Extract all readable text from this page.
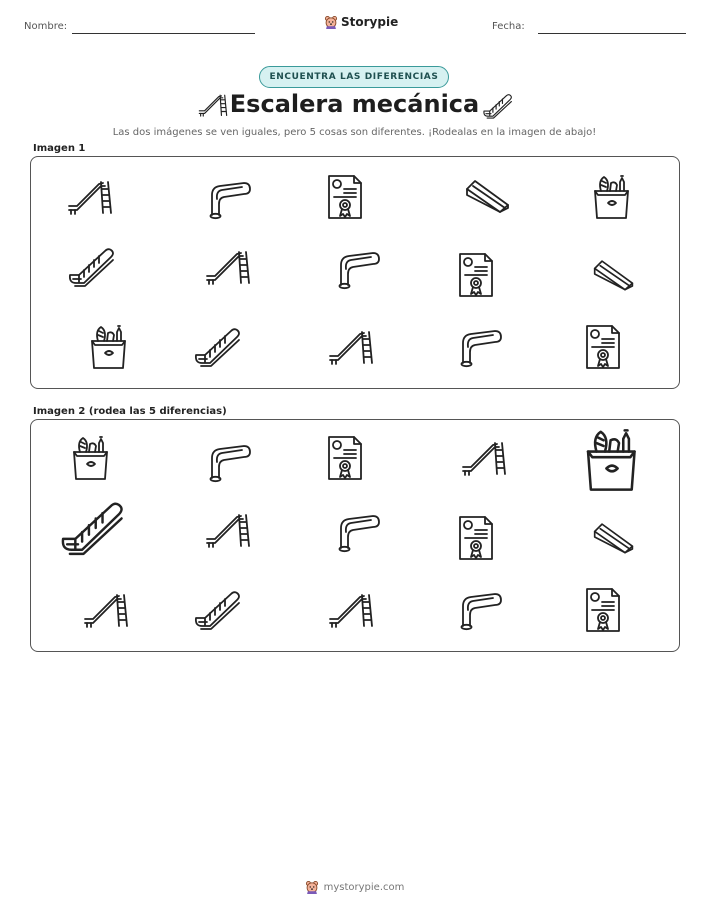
Nombre:	Storypie	Fecha:
ENCUENTRA LAS DIFERENCIAS
Escalera mecánica
Las dos imágenes se ven iguales, pero 5 cosas son diferentes. ¡Rodealas en la imagen de abajo!
Imagen 1
Imagen 2 (rodea las 5 diferencias)
mystorypie.com
